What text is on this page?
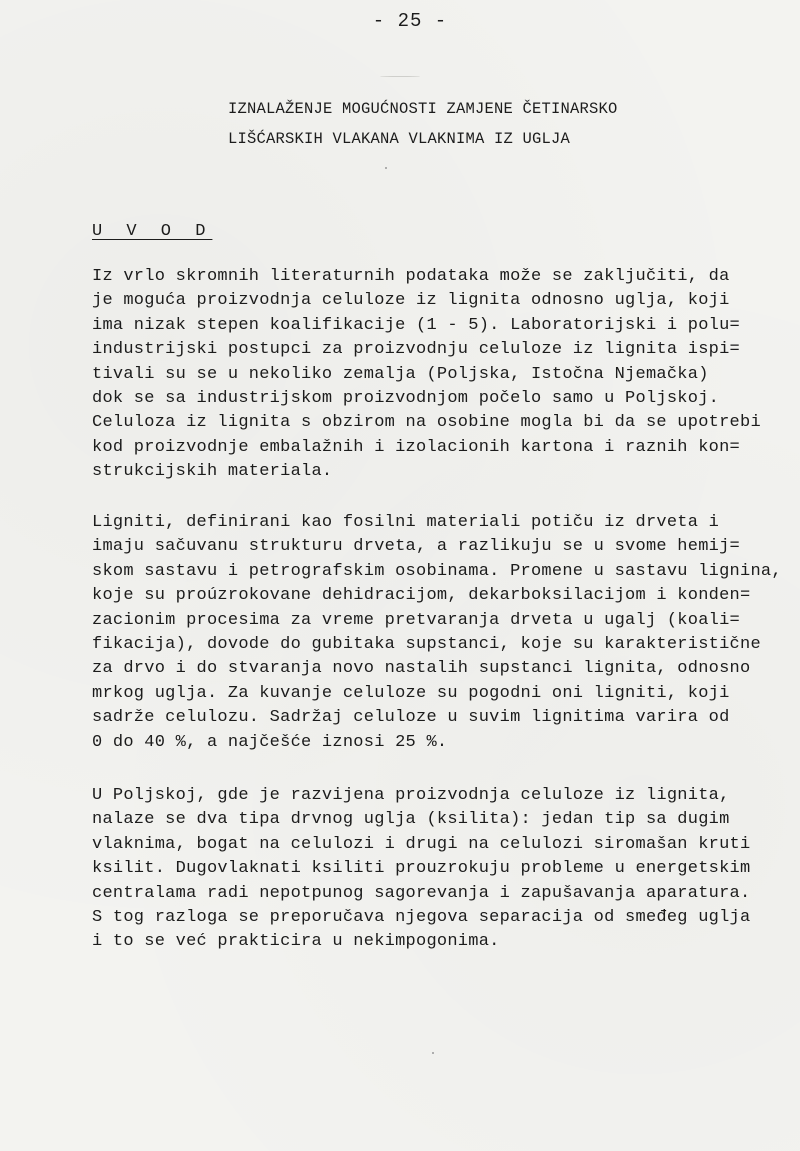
- 25 -
IZNALAŽENJE MOGUĆNOSTI ZAMJENE ČETINARSKO
LIŠĆARSKIH VLAKANA VLAKNIMA IZ UGLJA
U V O D
Iz vrlo skromnih literaturnih podataka može se zaključiti, da
je moguća proizvodnja celuloze iz lignita odnosno uglja, koji
ima nizak stepen koalifikacije (1 - 5). Laboratorijski i polu=
industrijski postupci za proizvodnju celuloze iz lignita ispi=
tivali su se u nekoliko zemalja (Poljska, Istočna Njemačka)
dok se sa industrijskom proizvodnjom počelo samo u Poljskoj.
Celuloza iz lignita s obzirom na osobine mogla bi da se upotrebi
kod proizvodnje embalažnih i izolacionih kartona i raznih kon=
strukcijskih materiala.
Ligniti, definirani kao fosilni materiali potiču iz drveta i
imaju sačuvanu strukturu drveta, a razlikuju se u svome hemij=
skom sastavu i petrografskim osobinama. Promene u sastavu lignina,
koje su proúzrokovane dehidracijom, dekarboksilacijom i konden=
zacionim procesima za vreme pretvaranja drveta u ugalj (koali=
fikacija), dovode do gubitaka supstanci, koje su karakteristične
za drvo i do stvaranja novo nastalih supstanci lignita, odnosno
mrkog uglja. Za kuvanje celuloze su pogodni oni ligniti, koji
sadrže celulozu. Sadržaj celuloze u suvim lignitima varira od
0 do 40 %, a najčešće iznosi 25 %.
U Poljskoj, gde je razvijena proizvodnja celuloze iz lignita,
nalaze se dva tipa drvnog uglja (ksilita): jedan tip sa dugim
vlaknima, bogat na celulozi i drugi na celulozi siromašan kruti
ksilit. Dugovlaknati ksiliti prouzrokuju probleme u energetskim
centralama radi nepotpunog sagorevanja i zapušavanja aparatura.
S tog razloga se preporučava njegova separacija od smeđeg uglja
i to se već prakticira u nekimpogonima.
